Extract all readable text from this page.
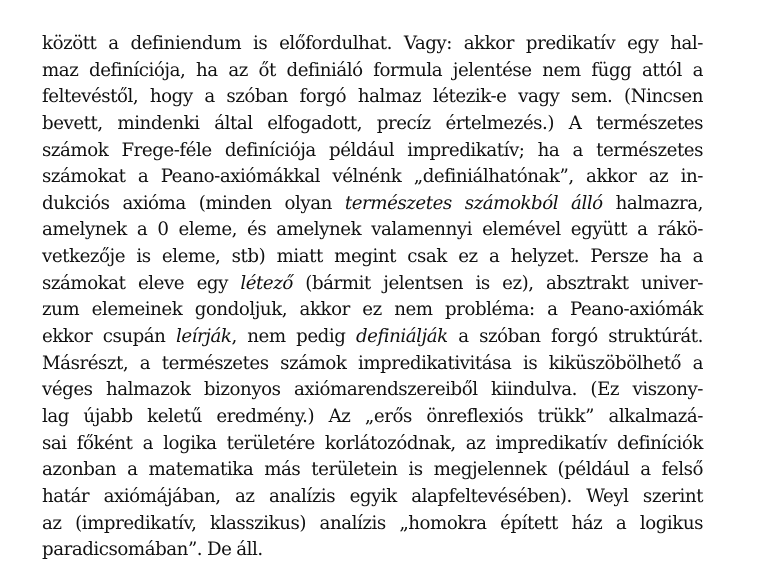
között a definiendum is előfordulhat. Vagy: akkor predikatív egy hal-
maz definíciója, ha az őt definiáló formula jelentése nem függ attól a
feltevéstől, hogy a szóban forgó halmaz létezik-e vagy sem. (Nincsen
bevett, mindenki által elfogadott, precíz értelmezés.) A természetes
számok Frege-féle definíciója például impredikatív; ha a természetes
számokat a Peano-axiómákkal vélnénk „definiálhatónak”, akkor az in-
dukciós axióma (minden olyan természetes számokból álló halmazra,
amelynek a 0 eleme, és amelynek valamennyi elemével együtt a rákö-
vetkezője is eleme, stb) miatt megint csak ez a helyzet. Persze ha a
számokat eleve egy létező (bármit jelentsen is ez), absztrakt univer-
zum elemeinek gondoljuk, akkor ez nem probléma: a Peano-axiómák
ekkor csupán leírják, nem pedig definiálják a szóban forgó struktúrát.
Másrészt, a természetes számok impredikativitása is kiküszöbölhető a
véges halmazok bizonyos axiómarendszereiből kiindulva. (Ez viszony-
lag újabb keletű eredmény.) Az „erős önreflexiós trükk” alkalmazá-
sai főként a logika területére korlátozódnak, az impredikatív definíciók
azonban a matematika más területein is megjelennek (például a felső
határ axiómájában, az analízis egyik alapfeltevésében). Weyl szerint
az (impredikatív, klasszikus) analízis „homokra épített ház a logikus
paradicsomában”. De áll.
